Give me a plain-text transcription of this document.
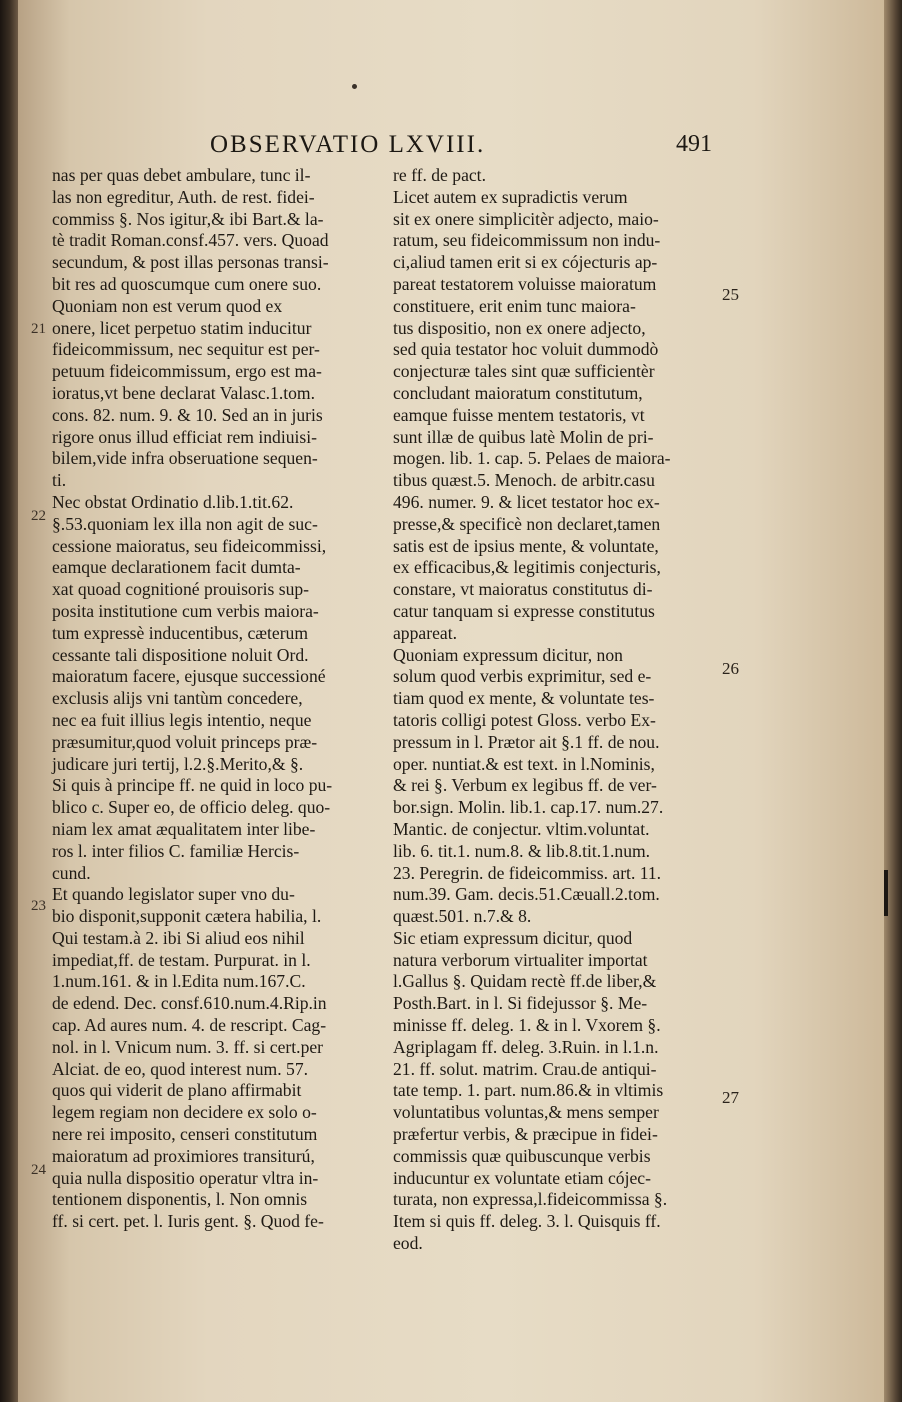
OBSERVATIO LXVIII.	491
nas per quas debet ambulare, tunc il-
las non egreditur, Auth. de rest. fidei-
commiss §. Nos igitur,& ibi Bart.& la-
tè tradit Roman.consf.457. vers. Quoad
secundum, & post illas personas transi-
bit res ad quoscumque cum onere suo.
Quoniam non est verum quod ex
onere, licet perpetuo statim inducitur
fideicommissum, nec sequitur est per-
petuum fideicommissum, ergo est ma-
ioratus,vt bene declarat Valasc.1.tom.
cons. 82. num. 9. & 10. Sed an in juris
rigore onus illud efficiat rem indiuisi-
bilem,vide infra obseruatione sequen-
ti.
Nec obstat Ordinatio d.lib.1.tit.62.
§.53.quoniam lex illa non agit de suc-
cessione maioratus, seu fideicommissi,
eamque declarationem facit dumta-
xat quoad cognitioné prouisoris sup-
posita institutione cum verbis maiora-
tum expressè inducentibus, cæterum
cessante tali dispositione noluit Ord.
maioratum facere, ejusque successioné
exclusis alijs vni tantùm concedere,
nec ea fuit illius legis intentio, neque
præsumitur,quod voluit princeps præ-
judicare juri tertij, l.2.§.Merito,& §.
Si quis à principe ff. ne quid in loco pu-
blico c. Super eo, de officio deleg. quo-
niam lex amat æqualitatem inter libe-
ros l. inter filios C. familiæ Hercis-
cund.
Et quando legislator super vno du-
bio disponit,supponit cætera habilia, l.
Qui testam.à 2. ibi Si aliud eos nihil
impediat,ff. de testam. Purpurat. in l.
1.num.161. & in l.Edita num.167.C.
de edend. Dec. consf.610.num.4.Rip.in
cap. Ad aures num. 4. de rescript. Cag-
nol. in l. Vnicum num. 3. ff. si cert.per
Alciat. de eo, quod interest num. 57.
quos qui viderit de plano affirmabit
legem regiam non decidere ex solo o-
nere rei imposito, censeri constitutum
maioratum ad proximiores transiturú,
quia nulla dispositio operatur vltra in-
tentionem disponentis, l. Non omnis
ff. si cert. pet. l. Iuris gent. §. Quod fe-
re ff. de pact.
Licet autem ex supradictis verum
sit ex onere simplicitèr adjecto, maio-
ratum, seu fideicommissum non indu-
ci,aliud tamen erit si ex cójecturis ap-
pareat testatorem voluisse maioratum
constituere, erit enim tunc maiora-
tus dispositio, non ex onere adjecto,
sed quia testator hoc voluit dummodò
conjecturæ tales sint quæ sufficientèr
concludant maioratum constitutum,
eamque fuisse mentem testatoris, vt
sunt illæ de quibus latè Molin de pri-
mogen. lib. 1. cap. 5. Pelaes de maiora-
tibus quæst.5. Menoch. de arbitr.casu
496. numer. 9. & licet testator hoc ex-
presse,& specificè non declaret,tamen
satis est de ipsius mente, & voluntate,
ex efficacibus,& legitimis conjecturis,
constare, vt maioratus constitutus di-
catur tanquam si expresse constitutus
appareat.
Quoniam expressum dicitur, non
solum quod verbis exprimitur, sed e-
tiam quod ex mente, & voluntate tes-
tatoris colligi potest Gloss. verbo Ex-
pressum in l. Prætor ait §.1 ff. de nou.
oper. nuntiat.& est text. in l.Nominis,
& rei §. Verbum ex legibus ff. de ver-
bor.sign. Molin. lib.1. cap.17. num.27.
Mantic. de conjectur. vltim.voluntat.
lib. 6. tit.1. num.8. & lib.8.tit.1.num.
23. Peregrin. de fideicommiss. art. 11.
num.39. Gam. decis.51.Cæuall.2.tom.
quæst.501. n.7.& 8.
Sic etiam expressum dicitur, quod
natura verborum virtualiter importat
l.Gallus §. Quidam rectè ff.de liber,&
Posth.Bart. in l. Si fidejussor §. Me-
minisse ff. deleg. 1. & in l. Vxorem §.
Agriplagam ff. deleg. 3.Ruin. in l.1.n.
21. ff. solut. matrim. Crau.de antiqui-
tate temp. 1. part. num.86.& in vltimis
voluntatibus voluntas,& mens semper
præfertur verbis, & præcipue in fidei-
commissis quæ quibuscunque verbis
inducuntur ex voluntate etiam cójec-
turata, non expressa,l.fideicommissa §.
Item si quis ff. deleg. 3. l. Quisquis ff.
eod.
21
22
23
24
25
26
27
